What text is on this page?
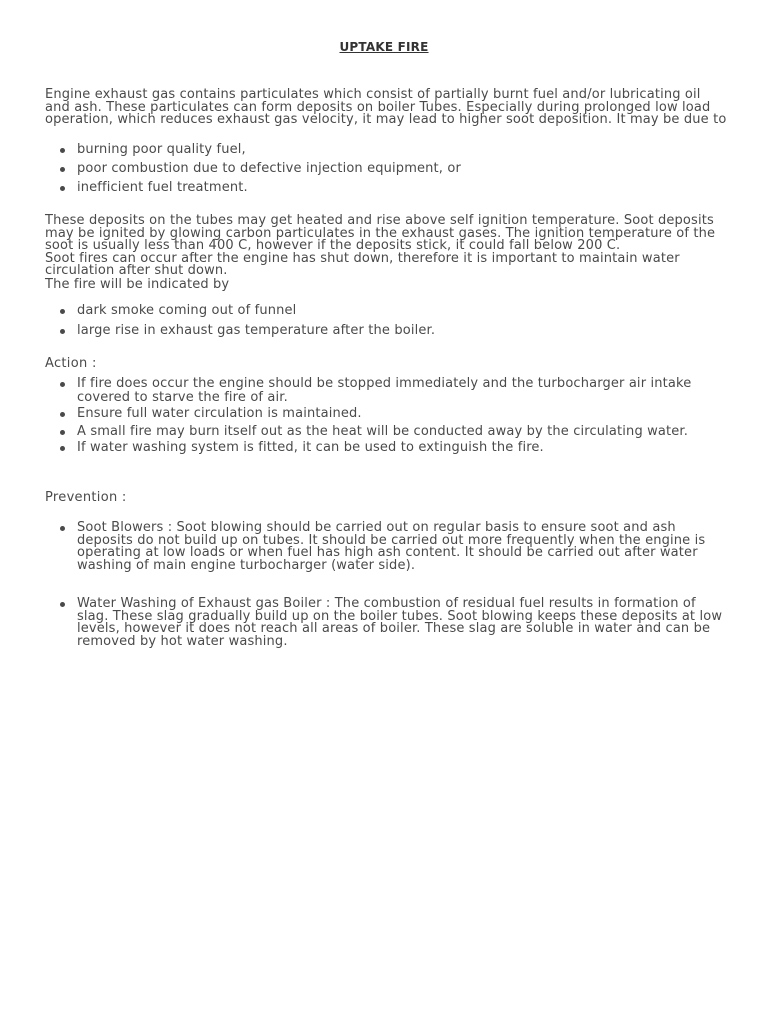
UPTAKE FIRE

Engine exhaust gas contains particulates which consist of partially burnt fuel and/or lubricating oil and ash. These particulates can form deposits on boiler Tubes. Especially during prolonged low load operation, which reduces exhaust gas velocity, it may lead to higher soot deposition. It may be due to

burning poor quality fuel,
poor combustion due to defective injection equipment, or
inefficient fuel treatment.

These deposits on the tubes may get heated and rise above self ignition temperature. Soot deposits may be ignited by glowing carbon particulates in the exhaust gases. The ignition temperature of the soot is usually less than 400 C, however if the deposits stick, it could fall below 200 C.

Soot fires can occur after the engine has shut down, therefore it is important to maintain water circulation after shut down.

The fire will be indicated by

dark smoke coming out of funnel
large rise in exhaust gas temperature after the boiler.
Action :
If fire does occur the engine should be stopped immediately and the turbocharger air intake covered to starve the fire of air.
Ensure full water circulation is maintained.
A small fire may burn itself out as the heat will be conducted away by the circulating water.
If water washing system is fitted, it can be used to extinguish the fire.
Prevention :
Soot Blowers : Soot blowing should be carried out on regular basis to ensure soot and ash deposits do not build up on tubes. It should be carried out more frequently when the engine is operating at low loads or when fuel has high ash content. It should be carried out after water washing of main engine turbocharger (water side).
Water Washing of Exhaust gas Boiler : The combustion of residual fuel results in formation of slag. These slag gradually build up on the boiler tubes. Soot blowing keeps these deposits at low levels, however it does not reach all areas of boiler. These slag are soluble in water and can be removed by hot water washing.
